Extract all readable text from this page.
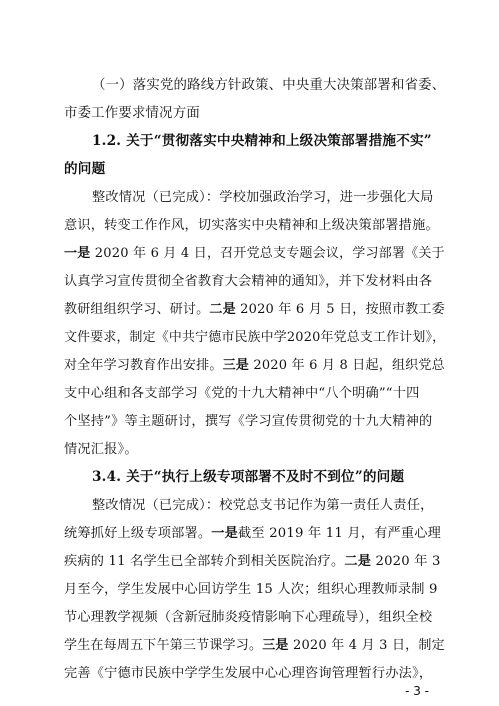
（一）落实党的路线方针政策、中央重大决策部署和省委、
市委工作要求情况方面
1.2. 关于“贯彻落实中央精神和上级决策部署措施不实”
的问题
整改情况（已完成）：学校加强政治学习，进一步强化大局
意识，转变工作作风，切实落实中央精神和上级决策部署措施。
一是 2020 年 6 月 4 日，召开党总支专题会议，学习部署《关于
认真学习宣传贯彻全省教育大会精神的通知》，并下发材料由各
教研组组织学习、研讨。二是 2020 年 6 月 5 日，按照市教工委
文件要求，制定《中共宁德市民族中学2020年党总支工作计划》，
对全年学习教育作出安排。三是 2020 年 6 月 8 日起，组织党总
支中心组和各支部学习《党的十九大精神中“八个明确”“十四
个坚持”》等主题研讨，撰写《学习宣传贯彻党的十九大精神的
情况汇报》。
3.4. 关于“执行上级专项部署不及时不到位”的问题
整改情况（已完成）：校党总支书记作为第一责任人责任，
统筹抓好上级专项部署。一是截至 2019 年 11 月，有严重心理
疾病的 11 名学生已全部转介到相关医院治疗。二是 2020 年 3
月至今，学生发展中心回访学生 15 人次；组织心理教师录制 9
节心理教学视频（含新冠肺炎疫情影响下心理疏导），组织全校
学生在每周五下午第三节课学习。三是 2020 年 4 月 3 日，制定
完善《宁德市民族中学学生发展中心心理咨询管理暂行办法》，
- 3 -
